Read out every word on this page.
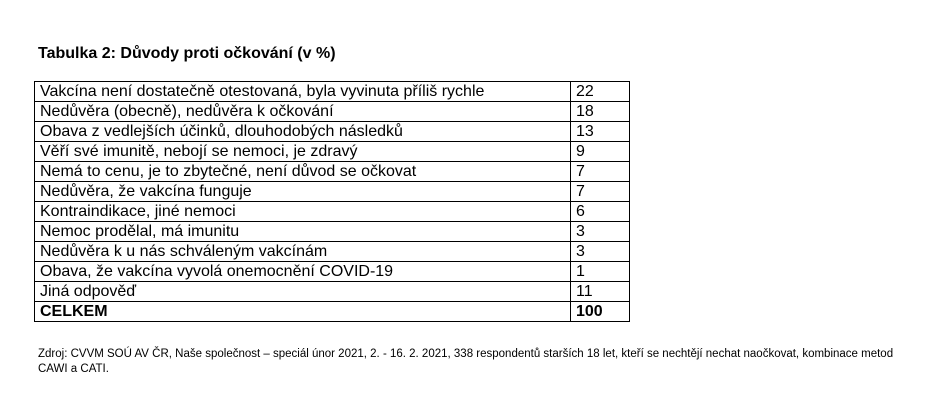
Tabulka 2: Důvody proti očkování (v %)
Vakcína není dostatečně otestovaná, byla vyvinuta příliš rychle	22
Nedůvěra (obecně), nedůvěra k očkování	18
Obava z vedlejších účinků, dlouhodobých následků	13
Věří své imunitě, nebojí se nemoci, je zdravý	9
Nemá to cenu, je to zbytečné, není důvod se očkovat	7
Nedůvěra, že vakcína funguje	7
Kontraindikace, jiné nemoci	6
Nemoc prodělal, má imunitu	3
Nedůvěra k u nás schváleným vakcínám	3
Obava, že vakcína vyvolá onemocnění COVID-19	1
Jiná odpověď	11
CELKEM	100
Zdroj: CVVM SOÚ AV ČR, Naše společnost – speciál únor 2021, 2. - 16. 2. 2021, 338 respondentů starších 18 let, kteří se nechtějí nechat naočkovat, kombinace metod CAWI a CATI.
